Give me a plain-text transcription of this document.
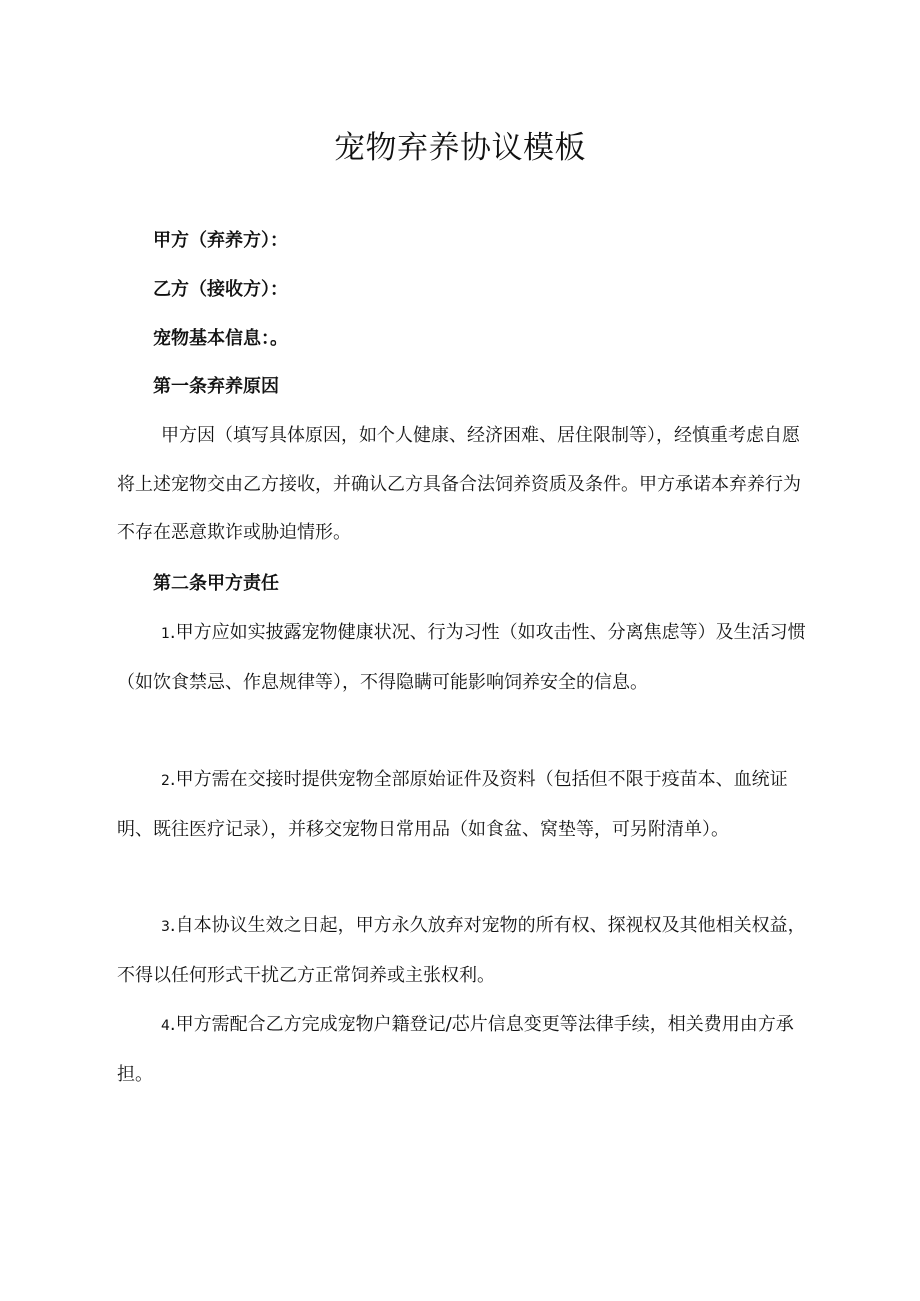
宠物弃养协议模板

甲方（弃养方）：

乙方（接收方）：

宠物基本信息：。

第一条弃养原因

甲方因（填写具体原因，如个人健康、经济困难、居住限制等），经慎重考虑自愿将上述宠物交由乙方接收，并确认乙方具备合法饲养资质及条件。甲方承诺本弃养行为不存在恶意欺诈或胁迫情形。

第二条甲方责任

1.甲方应如实披露宠物健康状况、行为习性（如攻击性、分离焦虑等）及生活习惯（如饮食禁忌、作息规律等），不得隐瞒可能影响饲养安全的信息。

2.甲方需在交接时提供宠物全部原始证件及资料（包括但不限于疫苗本、血统证明、既往医疗记录），并移交宠物日常用品（如食盆、窝垫等，可另附清单）。

3.自本协议生效之日起，甲方永久放弃对宠物的所有权、探视权及其他相关权益，不得以任何形式干扰乙方正常饲养或主张权利。

4.甲方需配合乙方完成宠物户籍登记/芯片信息变更等法律手续，相关费用由方承担。
